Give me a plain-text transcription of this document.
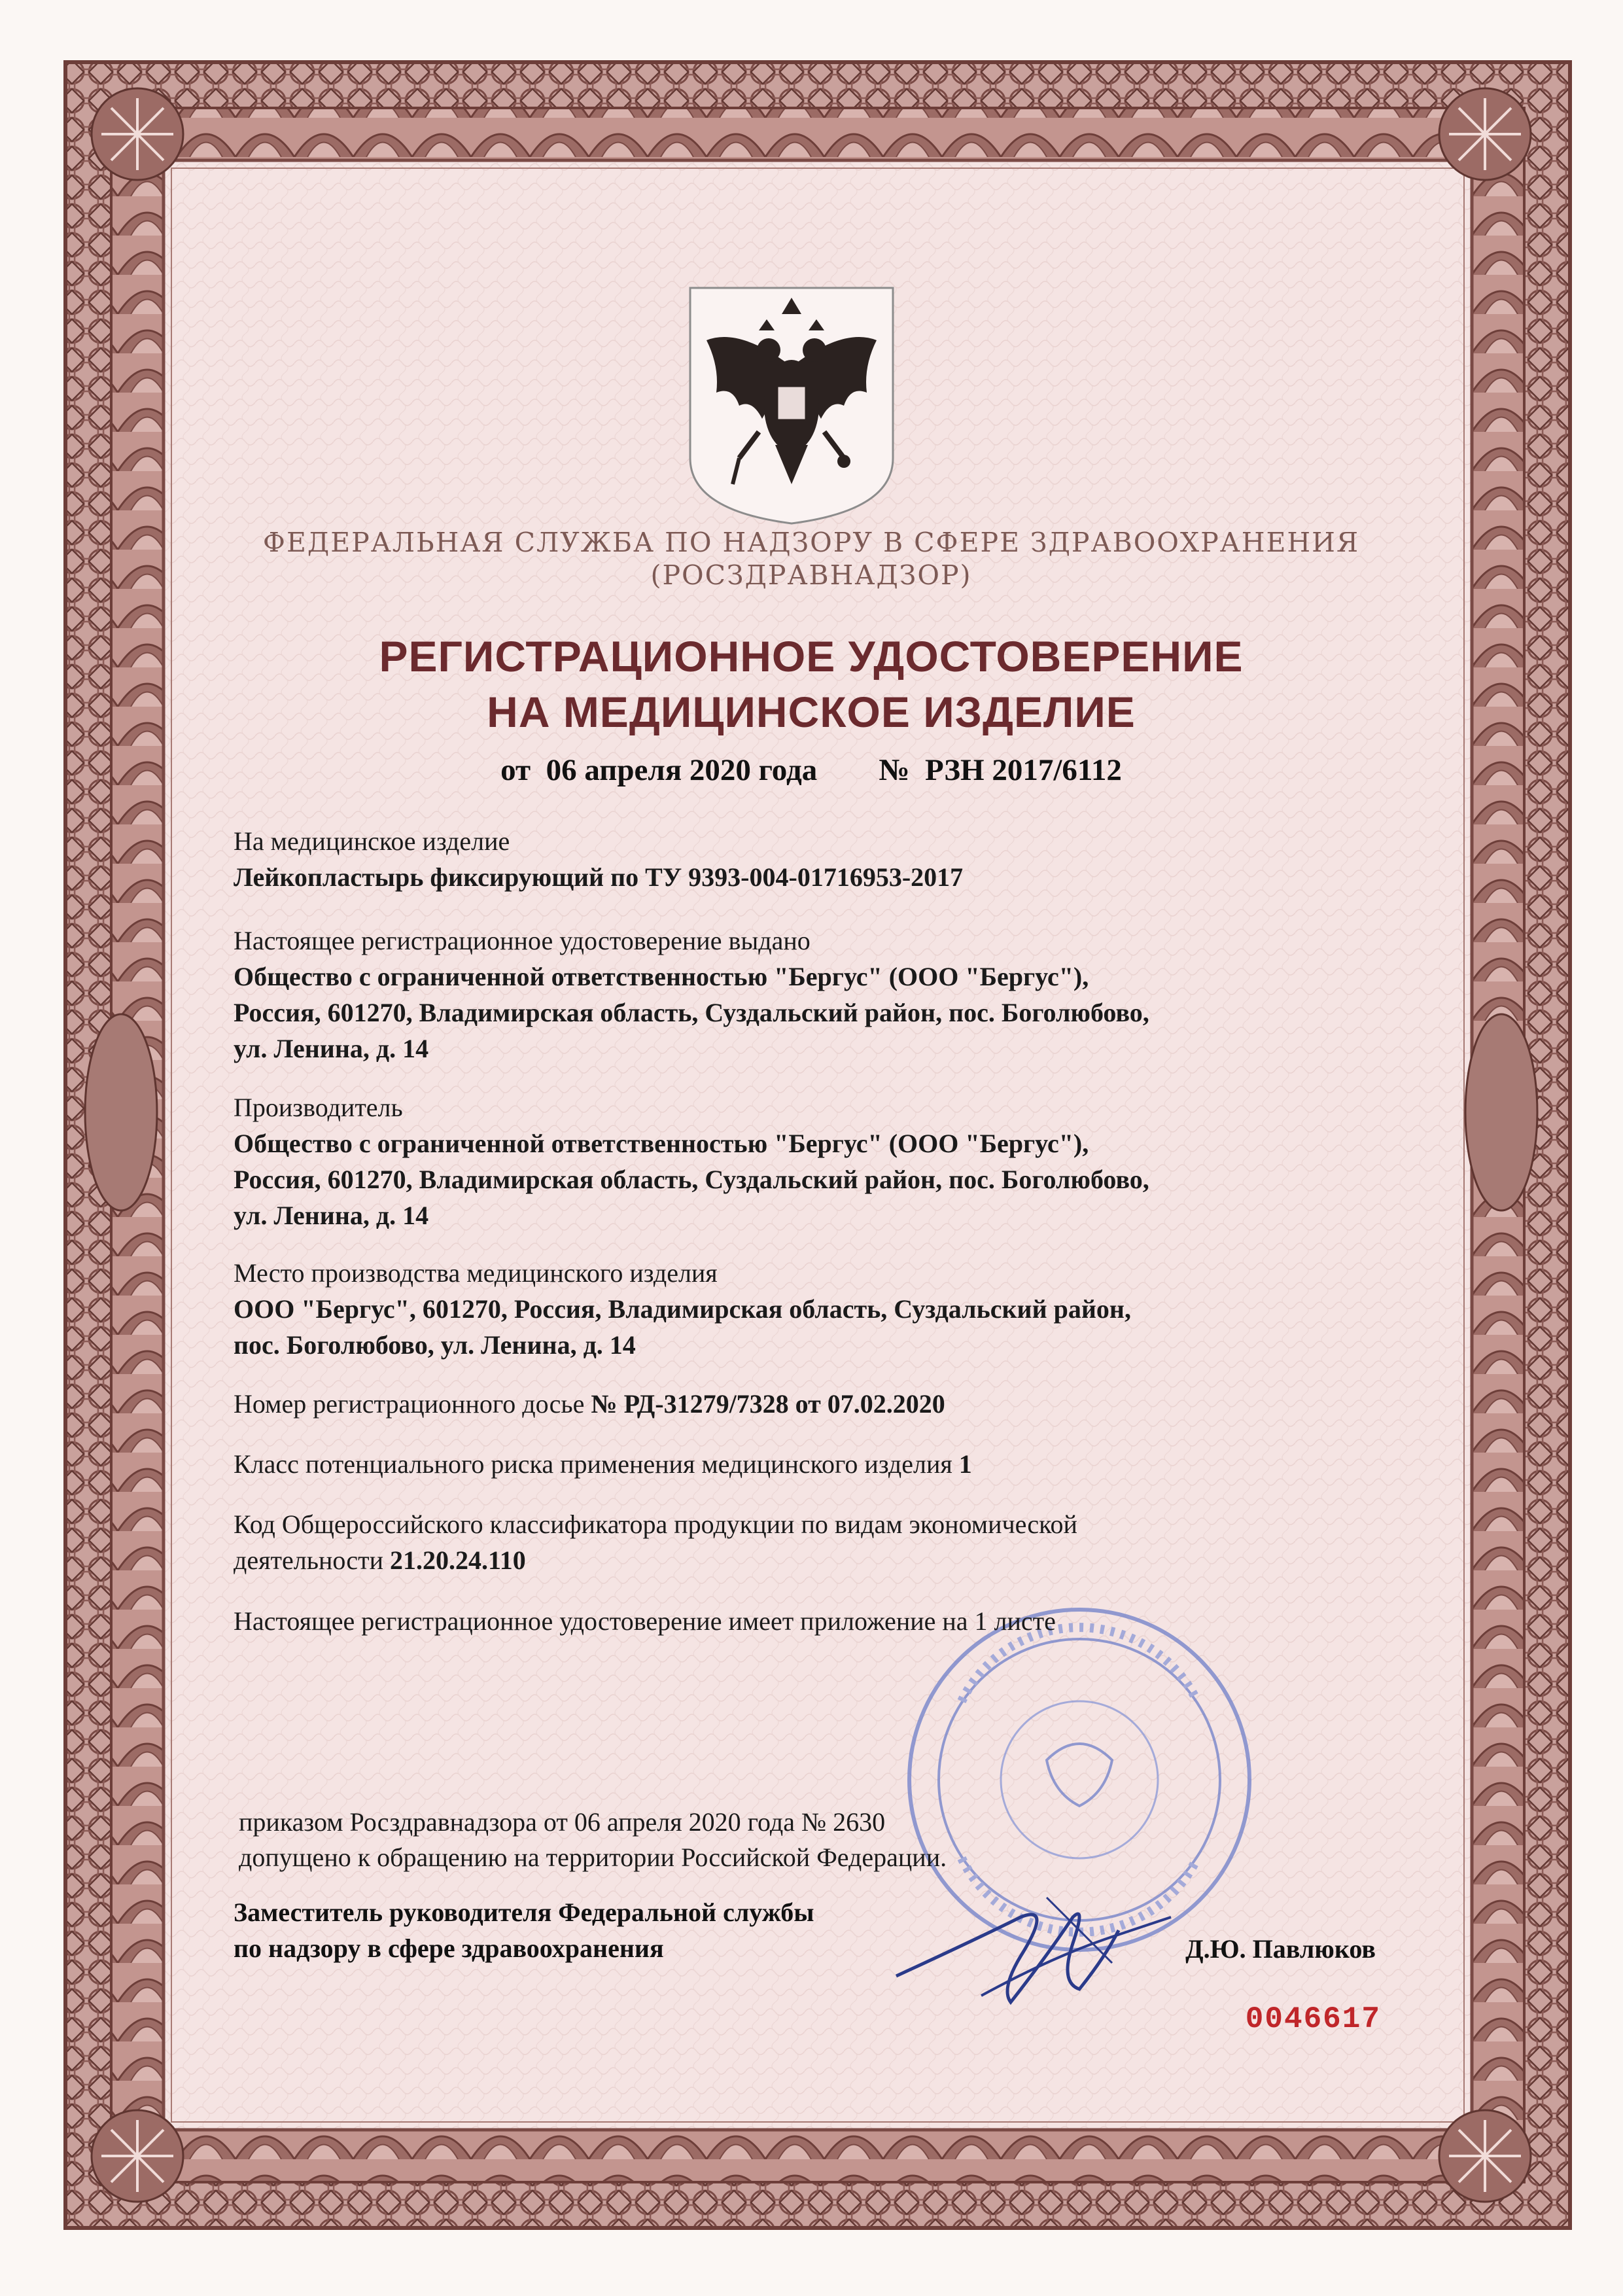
ФЕДЕРАЛЬНАЯ СЛУЖБА ПО НАДЗОРУ В СФЕРЕ ЗДРАВООХРАНЕНИЯ
(РОСЗДРАВНАДЗОР)
РЕГИСТРАЦИОННОЕ УДОСТОВЕРЕНИЕ
НА МЕДИЦИНСКОЕ ИЗДЕЛИЕ
от  06 апреля 2020 года №  РЗН 2017/6112
На медицинское изделие
Лейкопластырь фиксирующий по ТУ 9393-004-01716953-2017
Настоящее регистрационное удостоверение выдано
Общество с ограниченной ответственностью "Бергус" (ООО "Бергус"),
Россия, 601270, Владимирская область, Суздальский район, пос. Боголюбово,
ул. Ленина, д. 14
Производитель
Общество с ограниченной ответственностью "Бергус" (ООО "Бергус"),
Россия, 601270, Владимирская область, Суздальский район, пос. Боголюбово,
ул. Ленина, д. 14
Место производства медицинского изделия
ООО "Бергус", 601270, Россия, Владимирская область, Суздальский район,
пос. Боголюбово, ул. Ленина, д. 14
Номер регистрационного досье № РД-31279/7328 от 07.02.2020
Класс потенциального риска применения медицинского изделия 1
Код Общероссийского классификатора продукции по видам экономической
деятельности 21.20.24.110
Настоящее регистрационное удостоверение имеет приложение на 1 листе
приказом Росздравнадзора от 06 апреля 2020 года № 2630
допущено к обращению на территории Российской Федерации.
Заместитель руководителя Федеральной службы
по надзору в сфере здравоохранения	Д.Ю. Павлюков
0046617
